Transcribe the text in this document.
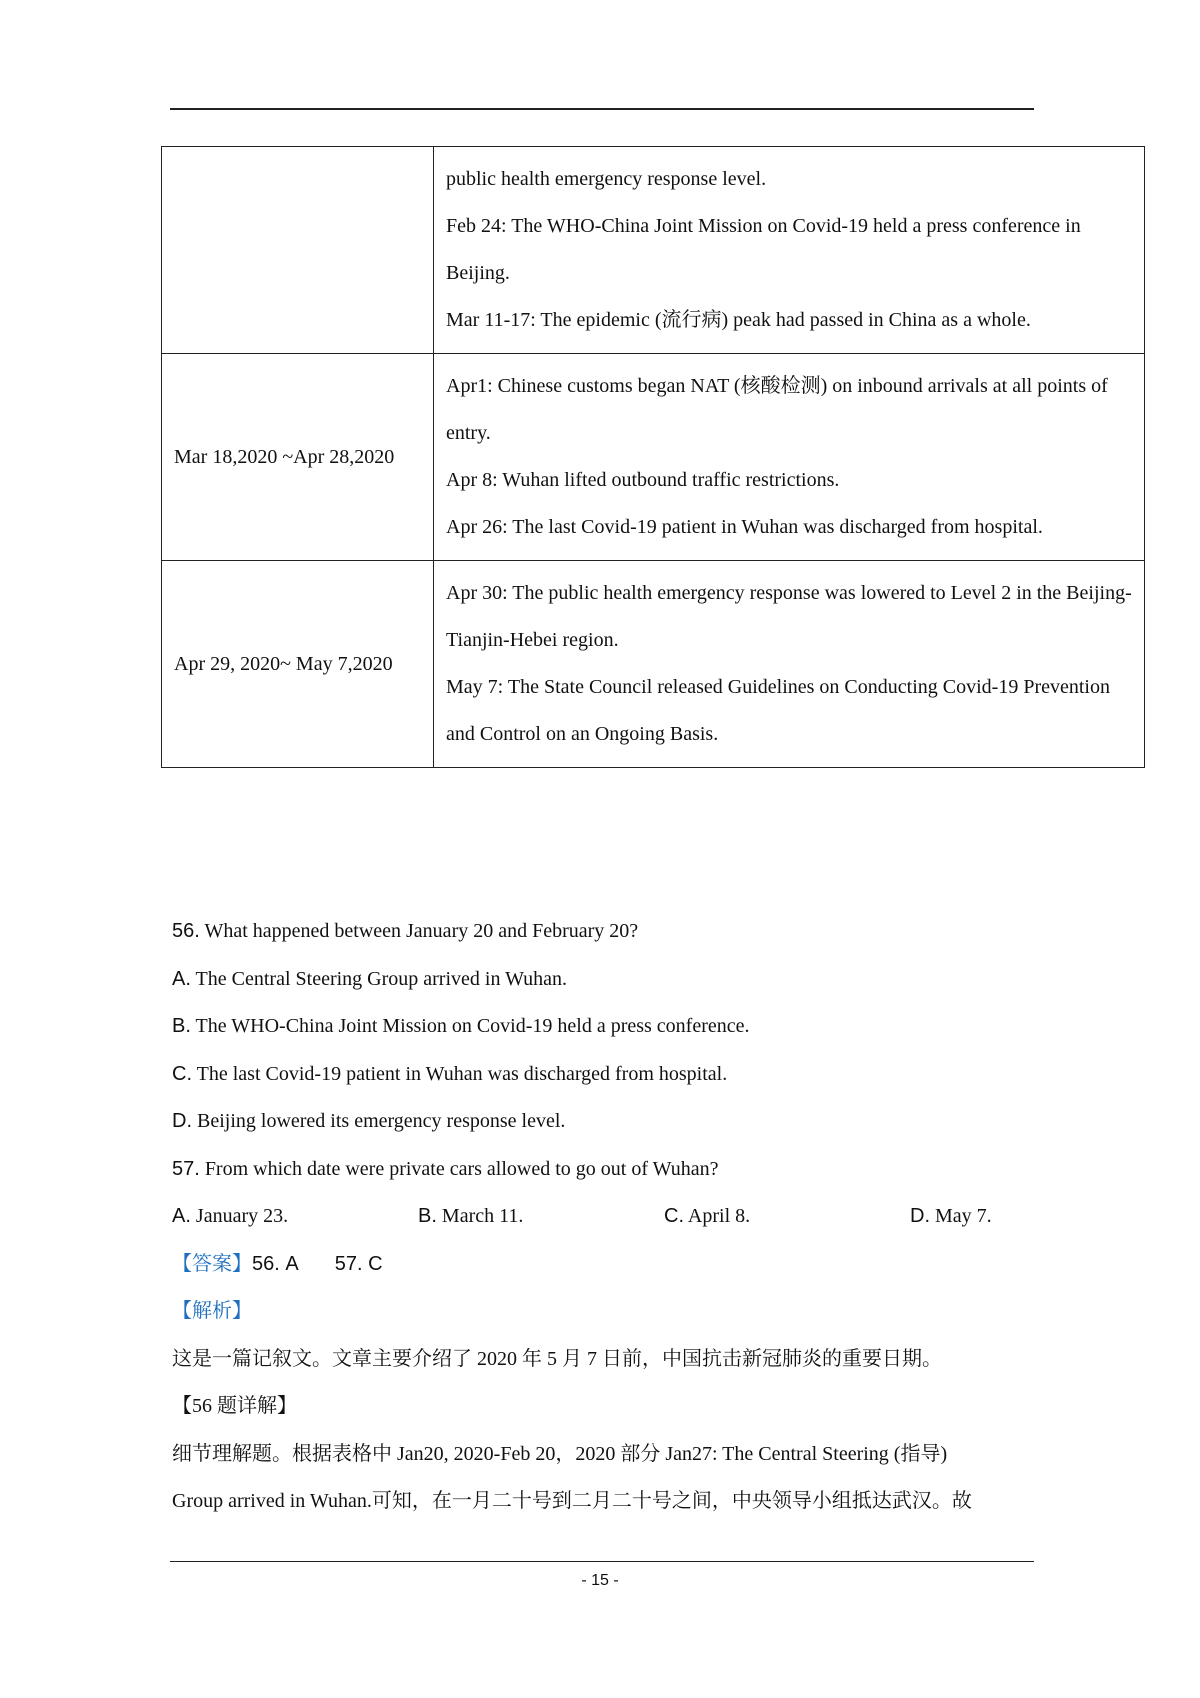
	public health emergency response level.
Feb 24: The WHO-China Joint Mission on Covid-19 held a press conference in Beijing.
Mar 11-17: The epidemic (流行病) peak had passed in China as a whole.

Mar 18,2020 ~Apr 28,2020	Apr1: Chinese customs began NAT (核酸检测) on inbound arrivals at all points of entry.
Apr 8: Wuhan lifted outbound traffic restrictions.
Apr 26: The last Covid-19 patient in Wuhan was discharged from hospital.

Apr 29, 2020~ May 7,2020	Apr 30: The public health emergency response was lowered to Level 2 in the Beijing-Tianjin-Hebei region.
May 7: The State Council released Guidelines on Conducting Covid-19 Prevention and Control on an Ongoing Basis.
56. What happened between January 20 and February 20?
A. The Central Steering Group arrived in Wuhan.
B. The WHO-China Joint Mission on Covid-19 held a press conference.
C. The last Covid-19 patient in Wuhan was discharged from hospital.
D. Beijing lowered its emergency response level.
57. From which date were private cars allowed to go out of Wuhan?
A. January 23.	B. March 11.	C. April 8.	D. May 7.
【答案】56. A 57. C
【解析】
这是一篇记叙文。文章主要介绍了 2020 年 5 月 7 日前，中国抗击新冠肺炎的重要日期。
【56 题详解】
细节理解题。根据表格中 Jan20, 2020-Feb 20，2020 部分 Jan27: The Central Steering (指导)
Group arrived in Wuhan.可知，在一月二十号到二月二十号之间，中央领导小组抵达武汉。故
- 15 -
